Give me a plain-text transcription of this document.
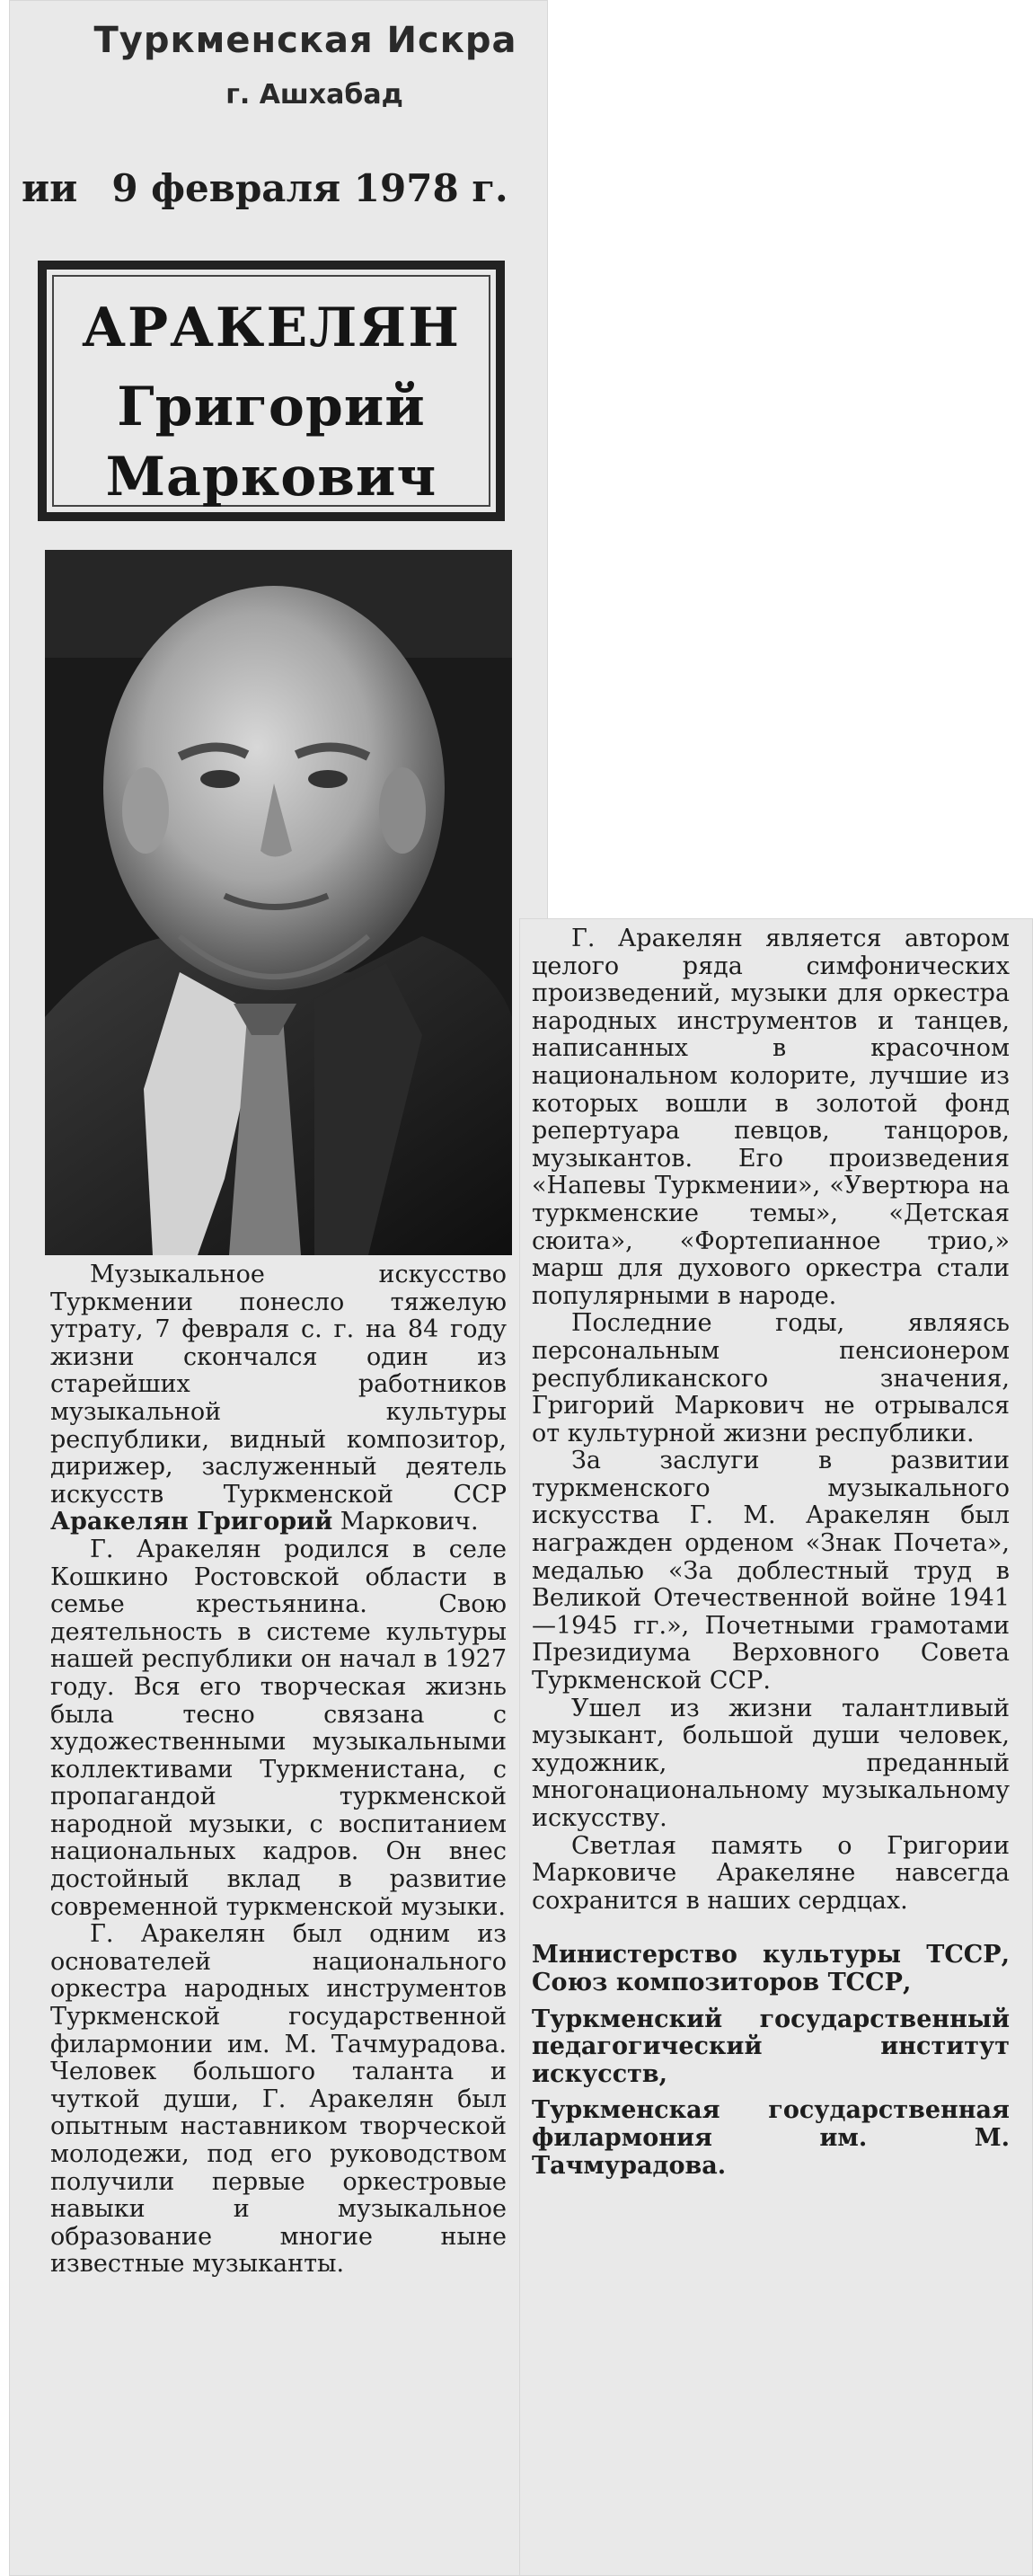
Туркменская Искра
г. Ашхабад
ии 9 февраля 1978 г.
АРАКЕЛЯН
Григорий
Маркович

Музыкальное искусство Туркмении понесло тяжелую утрату, 7 февраля с. г. на 84 году жизни скончался один из старейших работников музыкальной культуры республики, видный композитор, дирижер, заслуженный деятель искусств Туркменской ССР Аракелян Григорий Маркович.

Г. Аракелян родился в селе Кошкино Ростовской области в семье крестьянина. Свою деятельность в системе культуры нашей республики он начал в 1927 году. Вся его творческая жизнь была тесно связана с художественными музыкальными коллективами Туркменистана, с пропагандой туркменской народной музыки, с воспитанием национальных кадров. Он внес достойный вклад в развитие современной туркменской музыки.

Г. Аракелян был одним из основателей национального оркестра народных инструментов Туркменской государственной филармонии им. М. Тачмурадова. Человек большого таланта и чуткой души, Г. Аракелян был опытным наставником творческой молодежи, под его руководством получили первые оркестровые навыки и музыкальное образование многие ныне известные музыканты.

Г. Аракелян является автором целого ряда симфонических произведений, музыки для оркестра народных инструментов и танцев, написанных в красочном национальном колорите, лучшие из которых вошли в золотой фонд репертуара певцов, танцоров, музыкантов. Его произведения «Напевы Туркмении», «Увертюра на туркменские темы», «Детская сюита», «Фортепианное трио,» марш для духового оркестра стали популярными в народе.

Последние годы, являясь персональным пенсионером республиканского значения, Григорий Маркович не отрывался от культурной жизни республики.

За заслуги в развитии туркменского музыкального искусства Г. М. Аракелян был награжден орденом «Знак Почета», медалью «За доблестный труд в Великой Отечественной войне 1941—1945 гг.», Почетными грамотами Президиума Верховного Совета Туркменской ССР.

Ушел из жизни талантливый музыкант, большой души человек, художник, преданный многонациональному музыкальному искусству.

Светлая память о Григории Марковиче Аракеляне навсегда сохранится в наших сердцах.

Министерство культуры ТССР, Союз композиторов ТССР,
Туркменский государственный педагогический институт искусств,
Туркменская государственная филармония им. М. Тачмурадова.
